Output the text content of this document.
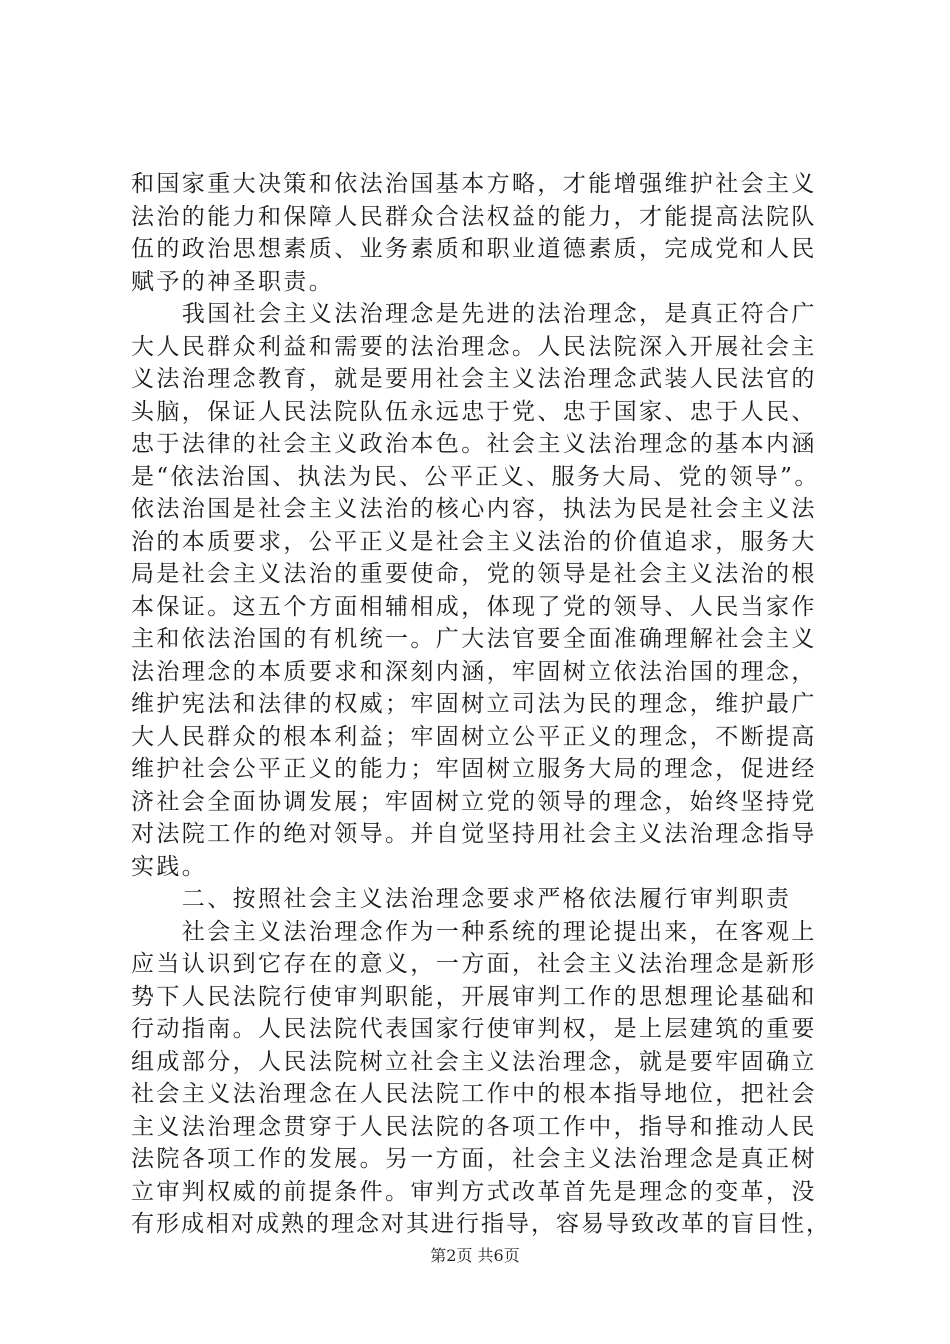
和国家重大决策和依法治国基本方略，才能增强维护社会主义
法治的能力和保障人民群众合法权益的能力，才能提高法院队
伍的政治思想素质、业务素质和职业道德素质，完成党和人民
赋予的神圣职责。
　　我国社会主义法治理念是先进的法治理念，是真正符合广
大人民群众利益和需要的法治理念。人民法院深入开展社会主
义法治理念教育，就是要用社会主义法治理念武装人民法官的
头脑，保证人民法院队伍永远忠于党、忠于国家、忠于人民、
忠于法律的社会主义政治本色。社会主义法治理念的基本内涵
是“依法治国、执法为民、公平正义、服务大局、党的领导”。
依法治国是社会主义法治的核心内容，执法为民是社会主义法
治的本质要求，公平正义是社会主义法治的价值追求，服务大
局是社会主义法治的重要使命，党的领导是社会主义法治的根
本保证。这五个方面相辅相成，体现了党的领导、人民当家作
主和依法治国的有机统一。广大法官要全面准确理解社会主义
法治理念的本质要求和深刻内涵，牢固树立依法治国的理念，
维护宪法和法律的权威；牢固树立司法为民的理念，维护最广
大人民群众的根本利益；牢固树立公平正义的理念，不断提高
维护社会公平正义的能力；牢固树立服务大局的理念，促进经
济社会全面协调发展；牢固树立党的领导的理念，始终坚持党
对法院工作的绝对领导。并自觉坚持用社会主义法治理念指导
实践。
　　二、按照社会主义法治理念要求严格依法履行审判职责
　　社会主义法治理念作为一种系统的理论提出来，在客观上
应当认识到它存在的意义，一方面，社会主义法治理念是新形
势下人民法院行使审判职能，开展审判工作的思想理论基础和
行动指南。人民法院代表国家行使审判权，是上层建筑的重要
组成部分，人民法院树立社会主义法治理念，就是要牢固确立
社会主义法治理念在人民法院工作中的根本指导地位，把社会
主义法治理念贯穿于人民法院的各项工作中，指导和推动人民
法院各项工作的发展。另一方面，社会主义法治理念是真正树
立审判权威的前提条件。审判方式改革首先是理念的变革，没
有形成相对成熟的理念对其进行指导，容易导致改革的盲目性，
第2页 共6页
